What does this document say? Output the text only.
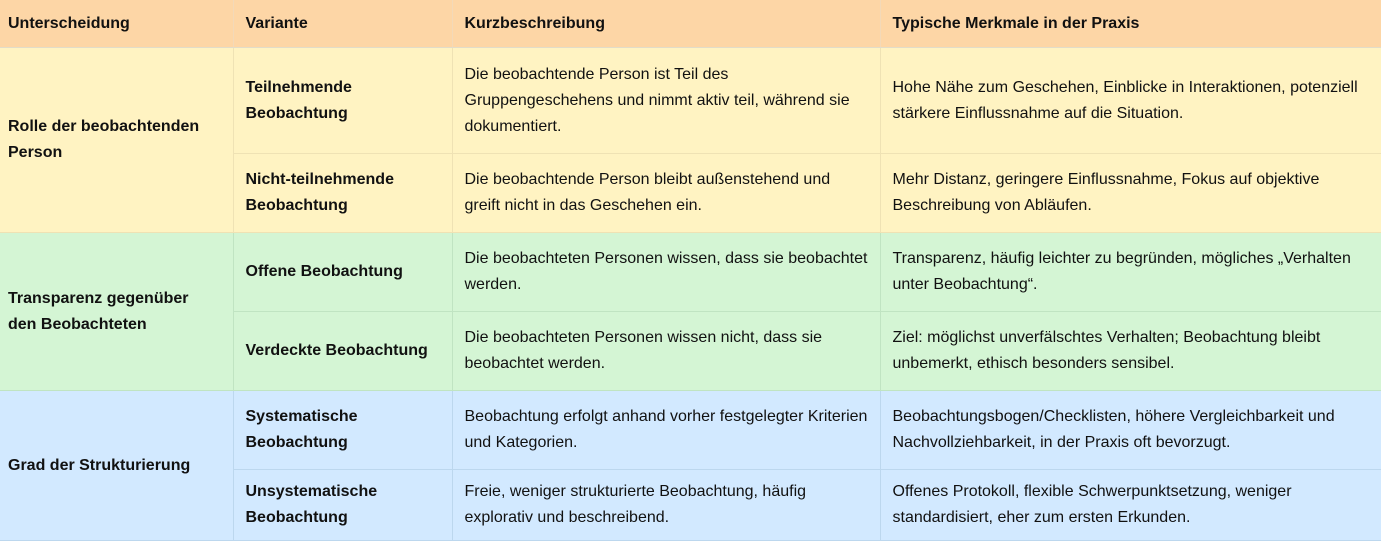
Unterscheidung	Variante	Kurzbeschreibung	Typische Merkmale in der Praxis
Rolle der beobachtenden Person	Teilnehmende Beobachtung	Die beobachtende Person ist Teil des Gruppengeschehens und nimmt aktiv teil, während sie dokumentiert.	Hohe Nähe zum Geschehen, Einblicke in Interaktionen, potenziell stärkere Einflussnahme auf die Situation.
	Nicht-teilnehmende Beobachtung	Die beobachtende Person bleibt außenstehend und greift nicht in das Geschehen ein.	Mehr Distanz, geringere Einflussnahme, Fokus auf objektive Beschreibung von Abläufen.
Transparenz gegenüber den Beobachteten	Offene Beobachtung	Die beobachteten Personen wissen, dass sie beobachtet werden.	Transparenz, häufig leichter zu begründen, mögliches „Verhalten unter Beobachtung“.
	Verdeckte Beobachtung	Die beobachteten Personen wissen nicht, dass sie beobachtet werden.	Ziel: möglichst unverfälschtes Verhalten; Beobachtung bleibt unbemerkt, ethisch besonders sensibel.
Grad der Strukturierung	Systematische Beobachtung	Beobachtung erfolgt anhand vorher festgelegter Kriterien und Kategorien.	Beobachtungsbogen/Checklisten, höhere Vergleichbarkeit und Nachvollziehbarkeit, in der Praxis oft bevorzugt.
	Unsystematische Beobachtung	Freie, weniger strukturierte Beobachtung, häufig explorativ und beschreibend.	Offenes Protokoll, flexible Schwerpunktsetzung, weniger standardisiert, eher zum ersten Erkunden.
